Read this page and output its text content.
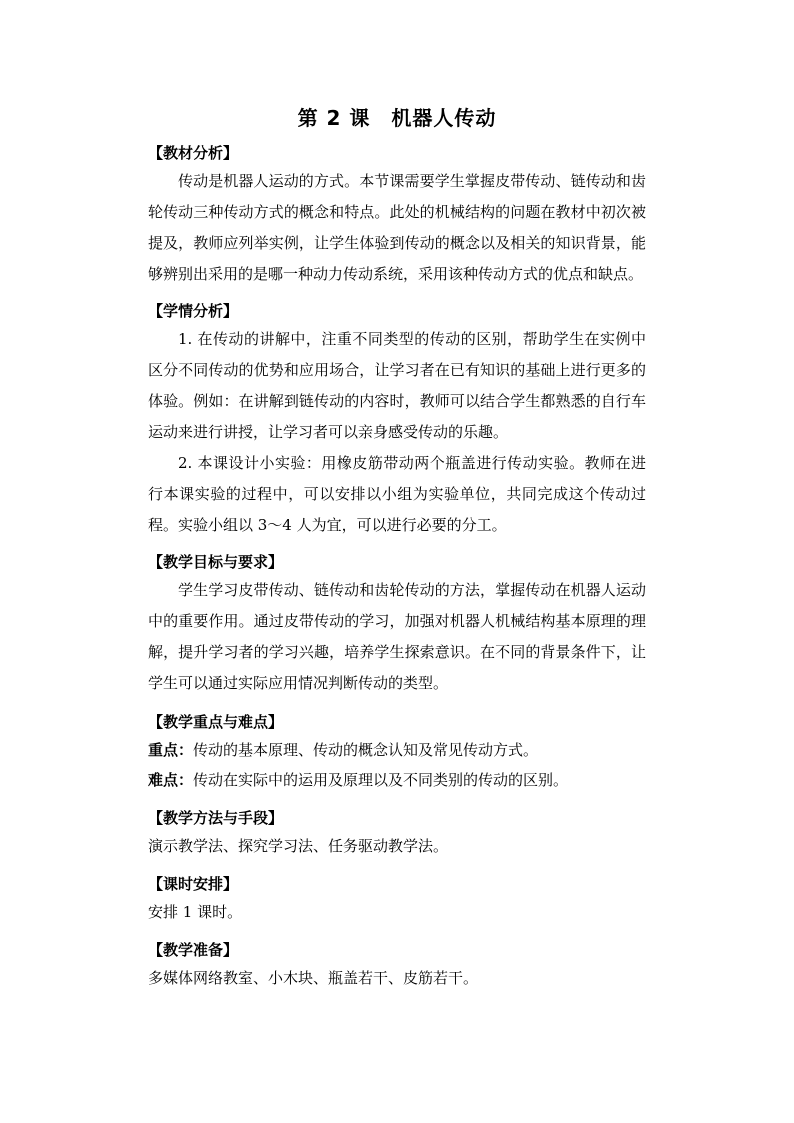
第 2 课　机器人传动

【教材分析】

传动是机器人运动的方式。本节课需要学生掌握皮带传动、链传动和齿轮传动三种传动方式的概念和特点。此处的机械结构的问题在教材中初次被提及，教师应列举实例，让学生体验到传动的概念以及相关的知识背景，能够辨别出采用的是哪一种动力传动系统，采用该种传动方式的优点和缺点。

【学情分析】

1. 在传动的讲解中，注重不同类型的传动的区别，帮助学生在实例中区分不同传动的优势和应用场合，让学习者在已有知识的基础上进行更多的体验。例如：在讲解到链传动的内容时，教师可以结合学生都熟悉的自行车运动来进行讲授，让学习者可以亲身感受传动的乐趣。

2. 本课设计小实验：用橡皮筋带动两个瓶盖进行传动实验。教师在进行本课实验的过程中，可以安排以小组为实验单位，共同完成这个传动过程。实验小组以 3～4 人为宜，可以进行必要的分工。

【教学目标与要求】

学生学习皮带传动、链传动和齿轮传动的方法，掌握传动在机器人运动中的重要作用。通过皮带传动的学习，加强对机器人机械结构基本原理的理解，提升学习者的学习兴趣，培养学生探索意识。在不同的背景条件下，让学生可以通过实际应用情况判断传动的类型。

【教学重点与难点】

重点：传动的基本原理、传动的概念认知及常见传动方式。

难点：传动在实际中的运用及原理以及不同类别的传动的区别。

【教学方法与手段】

演示教学法、探究学习法、任务驱动教学法。

【课时安排】

安排 1 课时。

【教学准备】

多媒体网络教室、小木块、瓶盖若干、皮筋若干。
